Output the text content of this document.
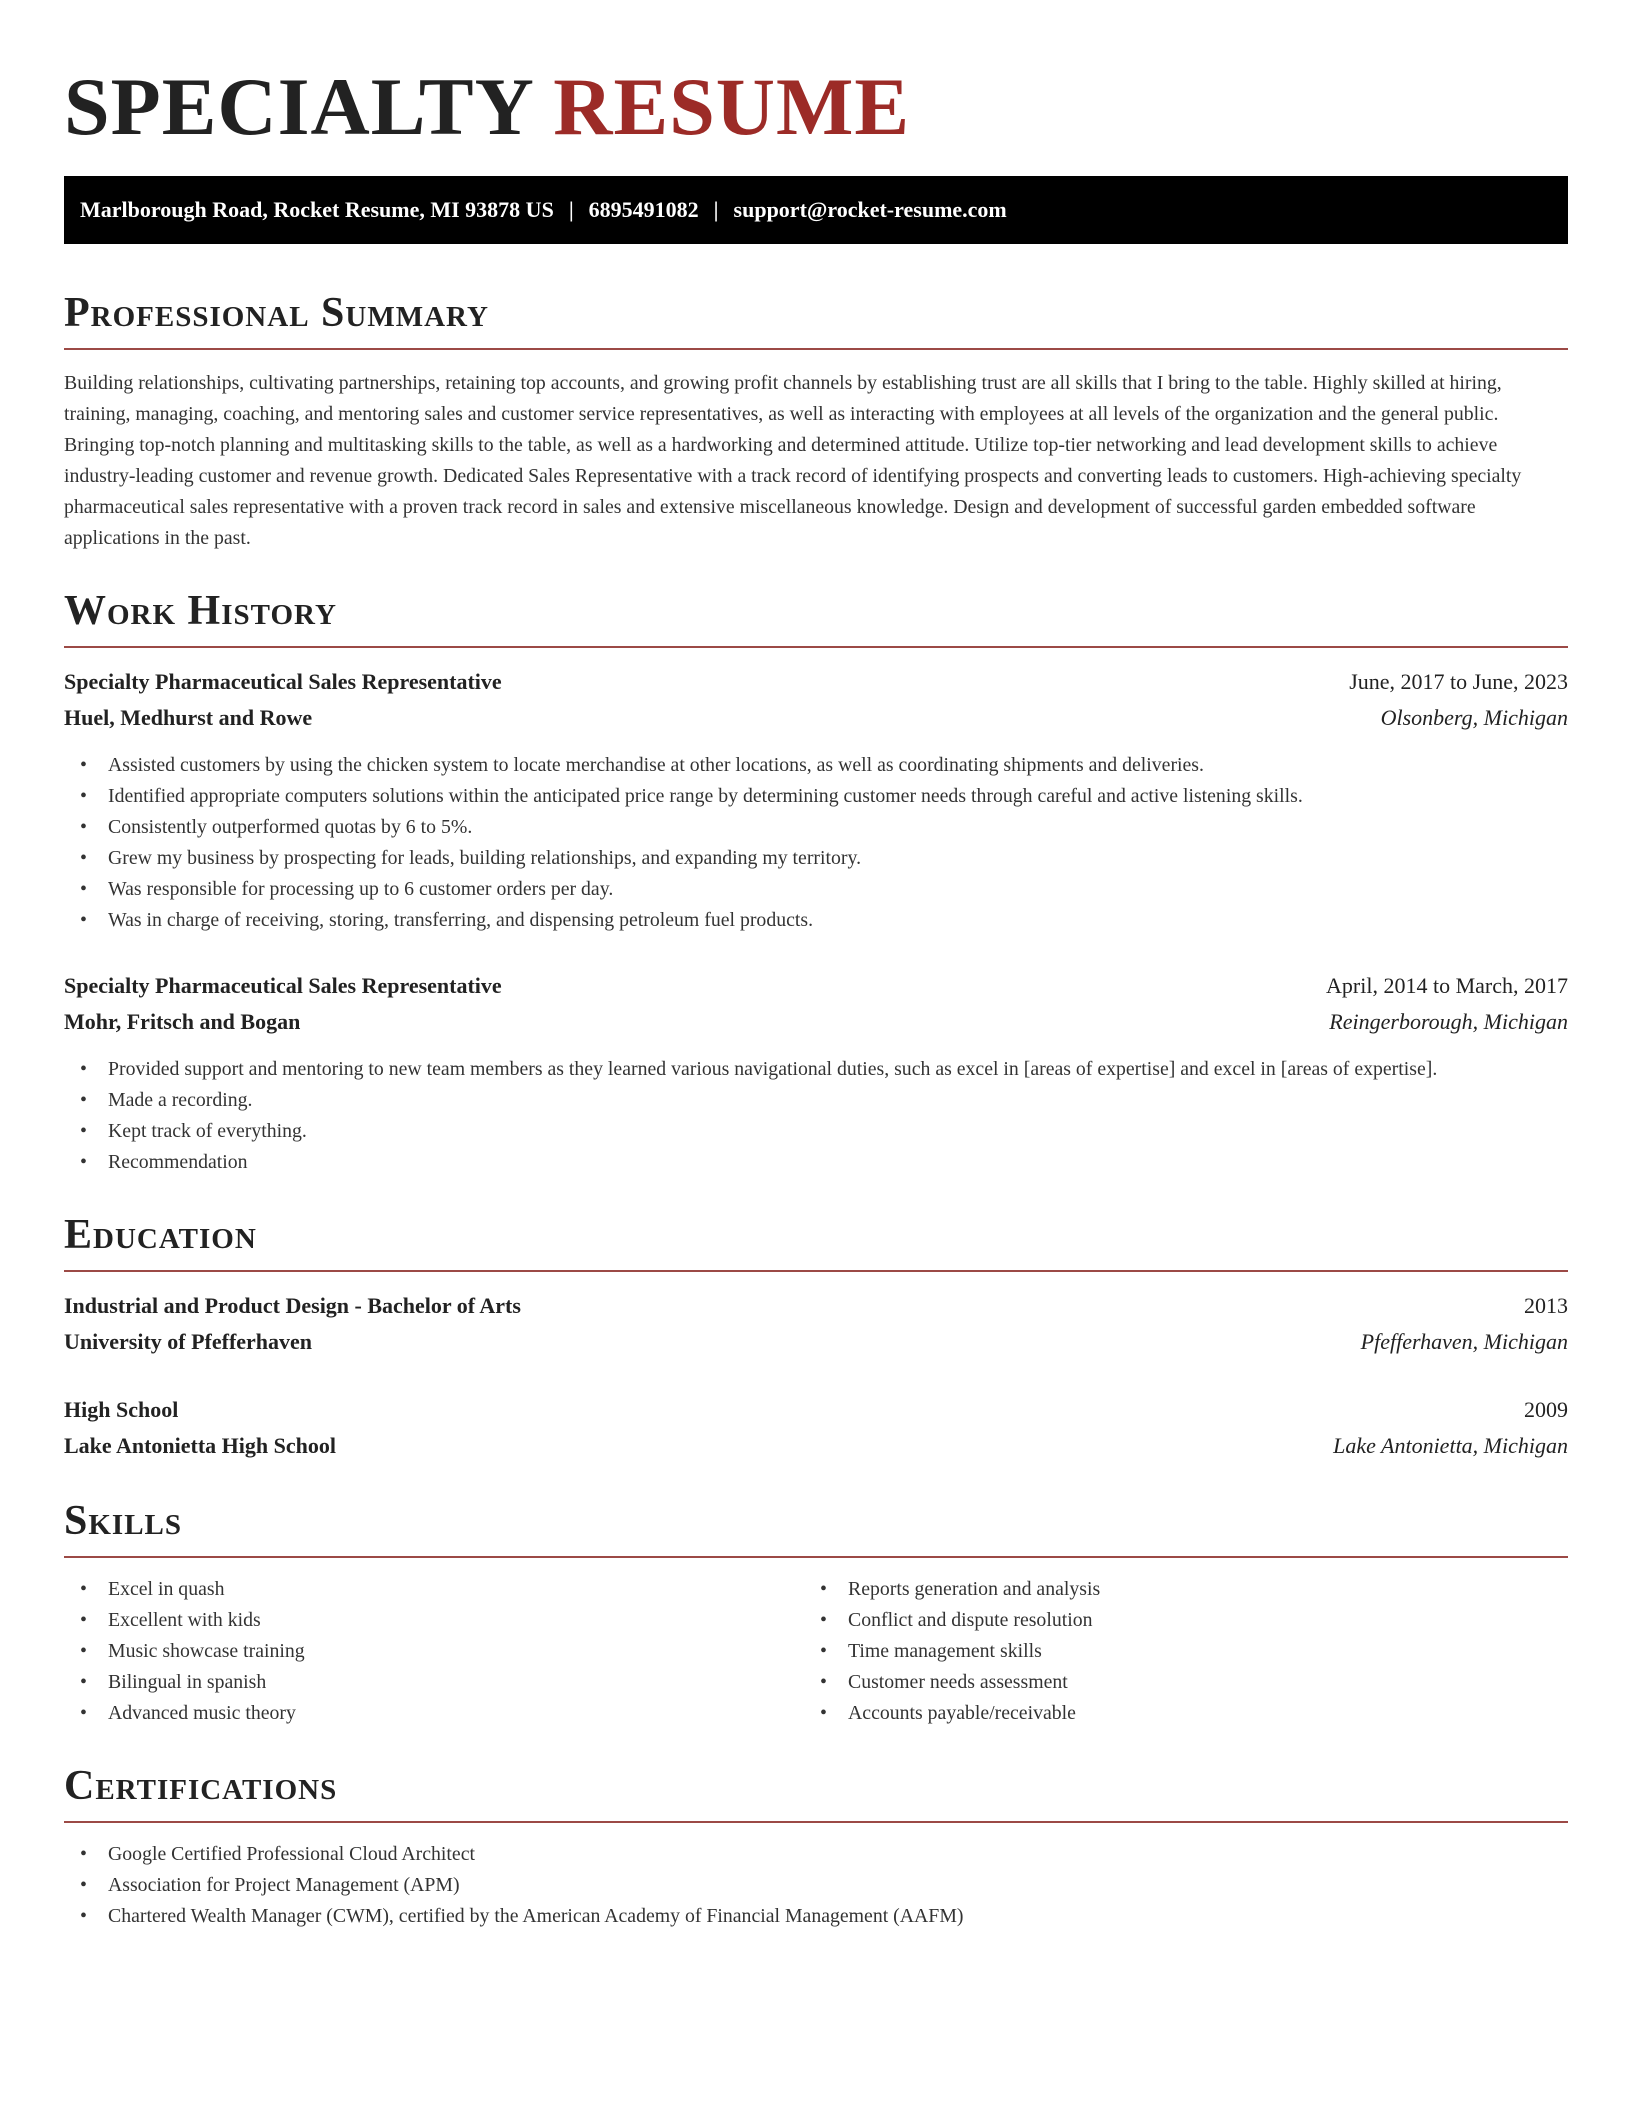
SPECIALTY RESUME
Marlborough Road, Rocket Resume, MI 93878 US | 6895491082 | support@rocket-resume.com
Professional Summary

Building relationships, cultivating partnerships, retaining top accounts, and growing profit channels by establishing trust are all skills that I bring to the table. Highly skilled at hiring, training, managing, coaching, and mentoring sales and customer service representatives, as well as interacting with employees at all levels of the organization and the general public. Bringing top-notch planning and multitasking skills to the table, as well as a hardworking and determined attitude. Utilize top-tier networking and lead development skills to achieve industry-leading customer and revenue growth. Dedicated Sales Representative with a track record of identifying prospects and converting leads to customers. High-achieving specialty pharmaceutical sales representative with a proven track record in sales and extensive miscellaneous knowledge. Design and development of successful garden embedded software applications in the past.

Work History
Specialty Pharmaceutical Sales Representative	June, 2017 to June, 2023
Huel, Medhurst and Rowe	Olsonberg, Michigan
• Assisted customers by using the chicken system to locate merchandise at other locations, as well as coordinating shipments and deliveries.
• Identified appropriate computers solutions within the anticipated price range by determining customer needs through careful and active listening skills.
• Consistently outperformed quotas by 6 to 5%.
• Grew my business by prospecting for leads, building relationships, and expanding my territory.
• Was responsible for processing up to 6 customer orders per day.
• Was in charge of receiving, storing, transferring, and dispensing petroleum fuel products.
Specialty Pharmaceutical Sales Representative	April, 2014 to March, 2017
Mohr, Fritsch and Bogan	Reingerborough, Michigan
• Provided support and mentoring to new team members as they learned various navigational duties, such as excel in [areas of expertise] and excel in [areas of expertise].
• Made a recording.
• Kept track of everything.
• Recommendation
Education
Industrial and Product Design - Bachelor of Arts	2013
University of Pfefferhaven	Pfefferhaven, Michigan
High School	2009
Lake Antonietta High School	Lake Antonietta, Michigan
Skills
• Excel in quash
• Excellent with kids
• Music showcase training
• Bilingual in spanish
• Advanced music theory
• Reports generation and analysis
• Conflict and dispute resolution
• Time management skills
• Customer needs assessment
• Accounts payable/receivable
Certifications
• Google Certified Professional Cloud Architect
• Association for Project Management (APM)
• Chartered Wealth Manager (CWM), certified by the American Academy of Financial Management (AAFM)
